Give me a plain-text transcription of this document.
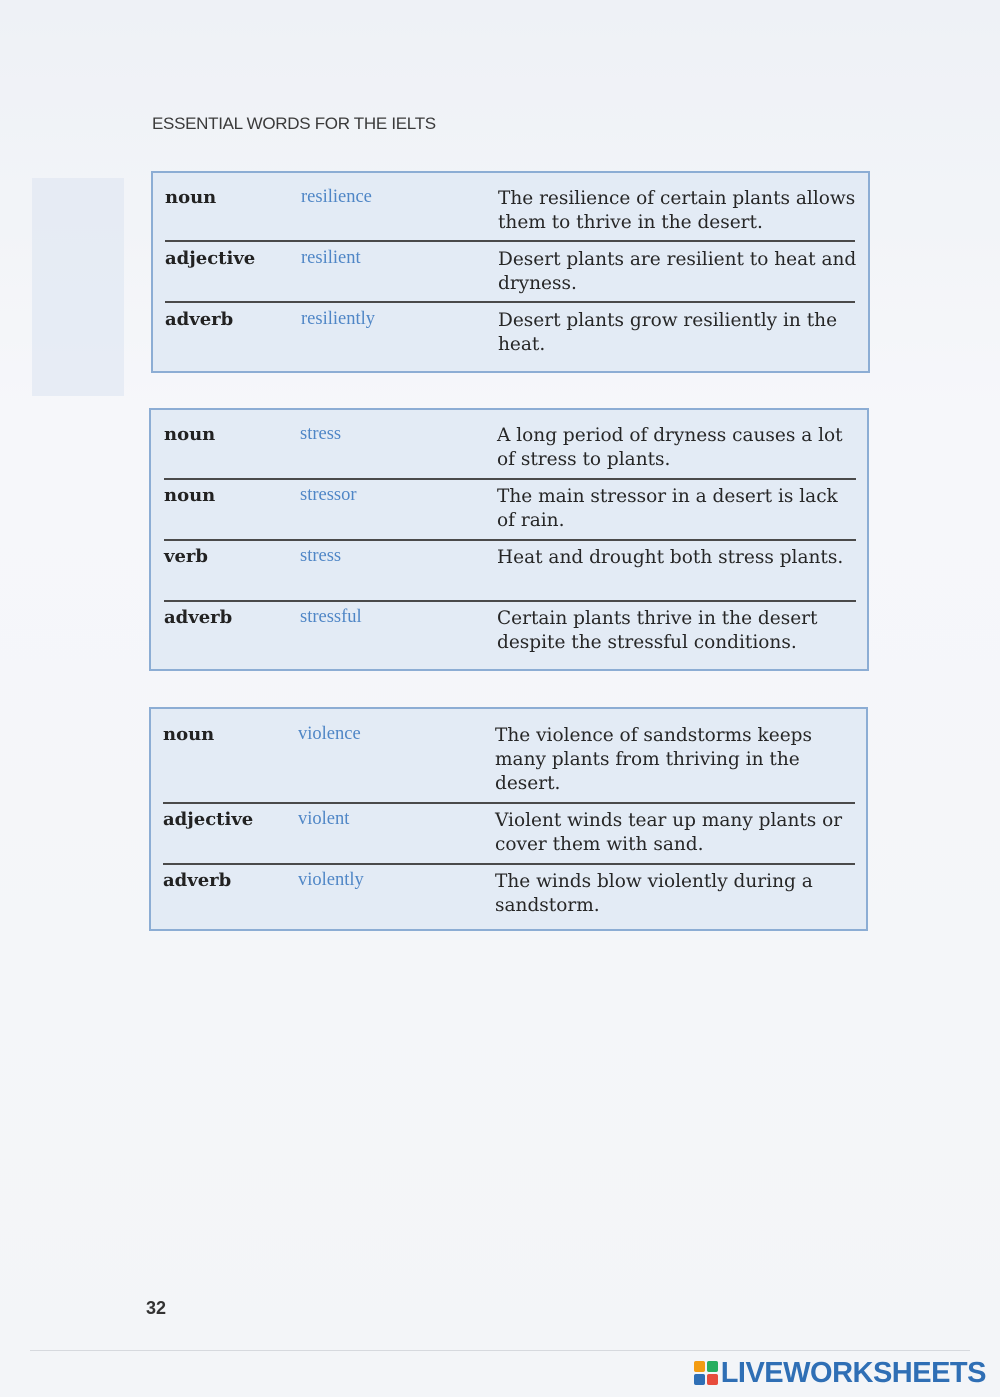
ESSENTIAL WORDS FOR THE IELTS
noun	resilience	The resilience of certain plants allows them to thrive in the desert.
adjective resilient	Desert plants are resilient to heat and dryness.
adverb	resiliently	Desert plants grow resiliently in the heat.
noun	stress	A long period of dryness causes a lot of stress to plants.
noun	stressor	The main stressor in a desert is lack of rain.
verb	stress	Heat and drought both stress plants.
adverb	stressful	Certain plants thrive in the desert despite the stressful conditions.
noun	violence	The violence of sandstorms keeps many plants from thriving in the desert.
adjective violent	Violent winds tear up many plants or cover them with sand.
adverb	violently	The winds blow violently during a sandstorm.
32
LIVEWORKSHEETS
